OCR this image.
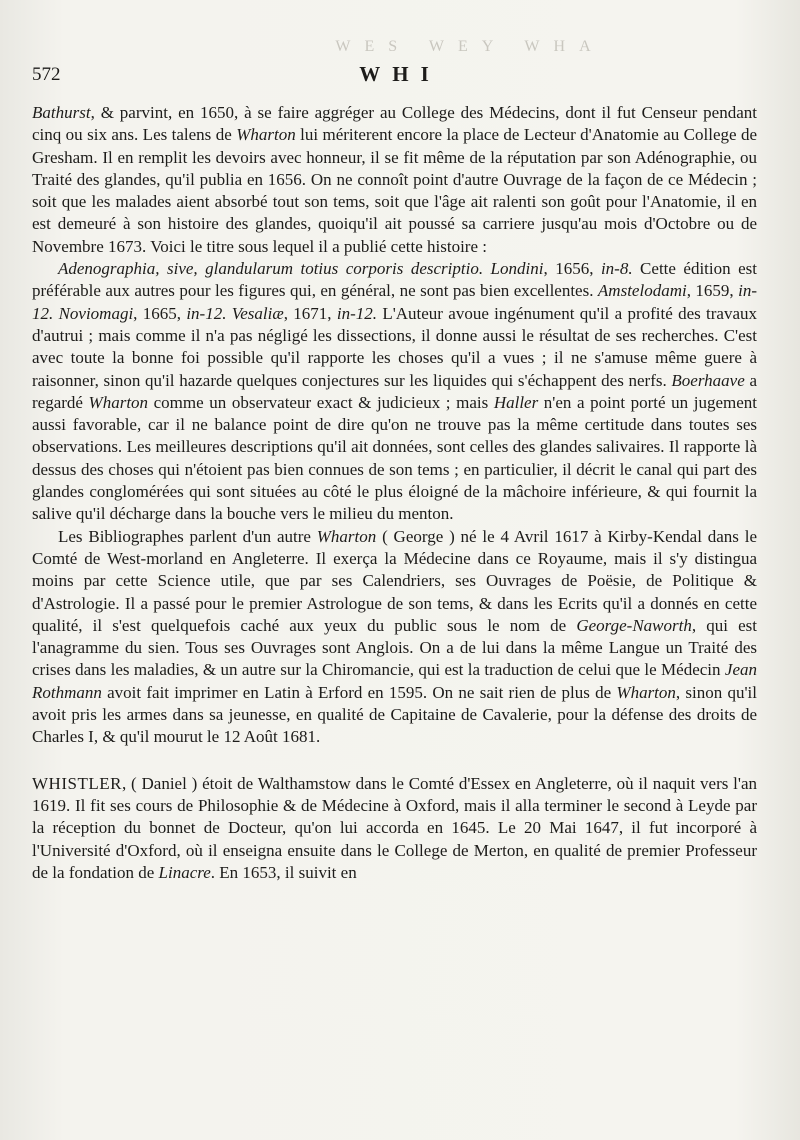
WES WEY WHA
572	WHI

Bathurst, & parvint, en 1650, à se faire aggréger au College des Médecins, dont il fut Censeur pendant cinq ou six ans. Les talens de Wharton lui mériterent encore la place de Lecteur d'Anatomie au College de Gresham. Il en remplit les devoirs avec honneur, il se fit même de la réputation par son Adénographie, ou Traité des glandes, qu'il publia en 1656. On ne connoît point d'autre Ouvrage de la façon de ce Médecin ; soit que les malades aient absorbé tout son tems, soit que l'âge ait ralenti son goût pour l'Anatomie, il en est demeuré à son histoire des glandes, quoiqu'il ait poussé sa carriere jusqu'au mois d'Octobre ou de Novembre 1673. Voici le titre sous lequel il a publié cette histoire :

Adenographia, sive, glandularum totius corporis descriptio. Londini, 1656, in-8. Cette édition est préférable aux autres pour les figures qui, en général, ne sont pas bien excellentes. Amstelodami, 1659, in-12. Noviomagi, 1665, in-12. Vesaliæ, 1671, in-12. L'Auteur avoue ingénument qu'il a profité des travaux d'autrui ; mais comme il n'a pas négligé les dissections, il donne aussi le résultat de ses recherches. C'est avec toute la bonne foi possible qu'il rapporte les choses qu'il a vues ; il ne s'amuse même guere à raisonner, sinon qu'il hazarde quelques conjectures sur les liquides qui s'échappent des nerfs. Boerhaave a regardé Wharton comme un observateur exact & judicieux ; mais Haller n'en a point porté un jugement aussi favorable, car il ne balance point de dire qu'on ne trouve pas la même certitude dans toutes ses observations. Les meilleures descriptions qu'il ait données, sont celles des glandes salivaires. Il rapporte là dessus des choses qui n'étoient pas bien connues de son tems ; en particulier, il décrit le canal qui part des glandes conglomérées qui sont situées au côté le plus éloigné de la mâchoire inférieure, & qui fournit la salive qu'il décharge dans la bouche vers le milieu du menton.

Les Bibliographes parlent d'un autre Wharton ( George ) né le 4 Avril 1617 à Kirby-Kendal dans le Comté de West-morland en Angleterre. Il exerça la Médecine dans ce Royaume, mais il s'y distingua moins par cette Science utile, que par ses Calendriers, ses Ouvrages de Poësie, de Politique & d'Astrologie. Il a passé pour le premier Astrologue de son tems, & dans les Ecrits qu'il a donnés en cette qualité, il s'est quelquefois caché aux yeux du public sous le nom de George-Naworth, qui est l'anagramme du sien. Tous ses Ouvrages sont Anglois. On a de lui dans la même Langue un Traité des crises dans les maladies, & un autre sur la Chiromancie, qui est la traduction de celui que le Médecin Jean Rothmann avoit fait imprimer en Latin à Erford en 1595. On ne sait rien de plus de Wharton, sinon qu'il avoit pris les armes dans sa jeunesse, en qualité de Capitaine de Cavalerie, pour la défense des droits de Charles I, & qu'il mourut le 12 Août 1681.

WHISTLER, ( Daniel ) étoit de Walthamstow dans le Comté d'Essex en Angleterre, où il naquit vers l'an 1619. Il fit ses cours de Philosophie & de Médecine à Oxford, mais il alla terminer le second à Leyde par la réception du bonnet de Docteur, qu'on lui accorda en 1645. Le 20 Mai 1647, il fut incorporé à l'Université d'Oxford, où il enseigna ensuite dans le College de Merton, en qualité de premier Professeur de la fondation de Linacre. En 1653, il suivit en
